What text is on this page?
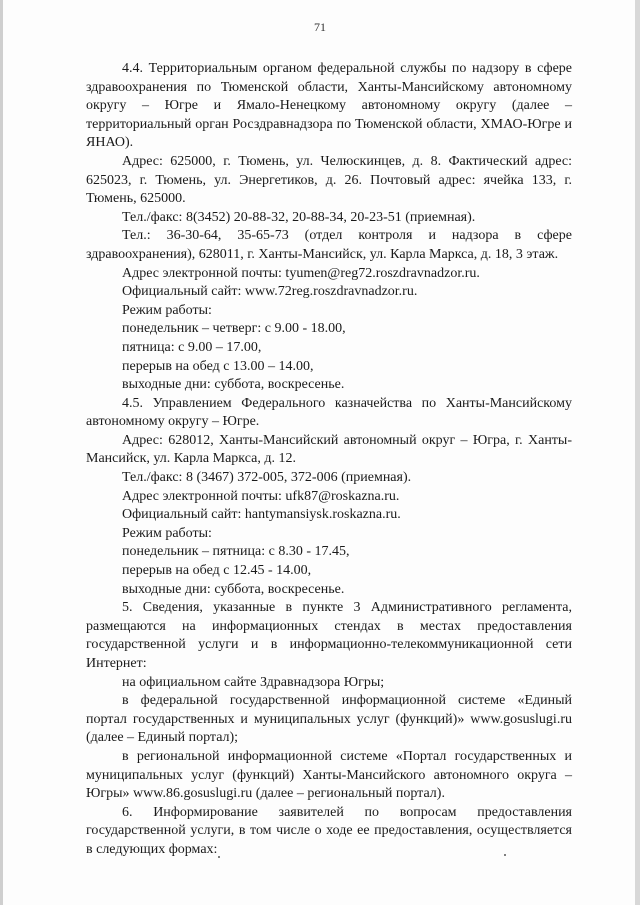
71

4.4. Территориальным органом федеральной службы по надзору в сфере здравоохранения по Тюменской области, Ханты-Мансийскому автономному округу – Югре и Ямало-Ненецкому автономному округу (далее – территориальный орган Росздравнадзора по Тюменской области, ХМАО-Югре и ЯНАО).

Адрес: 625000, г. Тюмень, ул. Челюскинцев, д. 8. Фактический адрес: 625023, г. Тюмень, ул. Энергетиков, д. 26. Почтовый адрес: ячейка 133, г. Тюмень, 625000.

Тел./факс: 8(3452) 20-88-32, 20-88-34, 20-23-51 (приемная).

Тел.: 36-30-64, 35-65-73 (отдел контроля и надзора в сфере здравоохранения), 628011, г. Ханты-Мансийск, ул. Карла Маркса, д. 18, 3 этаж.

Адрес электронной почты: tyumen@reg72.roszdravnadzor.ru.

Официальный сайт: www.72reg.roszdravnadzor.ru.

Режим работы:

понедельник – четверг: с 9.00 - 18.00,

пятница: с 9.00 – 17.00,

перерыв на обед с 13.00 – 14.00,

выходные дни: суббота, воскресенье.

4.5. Управлением Федерального казначейства по Ханты-Мансийскому автономному округу – Югре.

Адрес: 628012, Ханты-Мансийский автономный округ – Югра, г. Ханты-Мансийск, ул. Карла Маркса, д. 12.

Тел./факс: 8 (3467) 372-005, 372-006 (приемная).

Адрес электронной почты: ufk87@roskazna.ru.

Официальный сайт: hantymansiysk.roskazna.ru.

Режим работы:

понедельник – пятница: с 8.30 - 17.45,

перерыв на обед с 12.45 - 14.00,

выходные дни: суббота, воскресенье.

5. Сведения, указанные в пункте 3 Административного регламента, размещаются на информационных стендах в местах предоставления государственной услуги и в информационно-телекоммуникационной сети Интернет:

на официальном сайте Здравнадзора Югры;

в федеральной государственной информационной системе «Единый портал государственных и муниципальных услуг (функций)» www.gosuslugi.ru (далее – Единый портал);

в региональной информационной системе «Портал государственных и муниципальных услуг (функций) Ханты-Мансийского автономного округа – Югры» www.86.gosuslugi.ru (далее – региональный портал).

6. Информирование заявителей по вопросам предоставления государственной услуги, в том числе о ходе ее предоставления, осуществляется в следующих формах:
